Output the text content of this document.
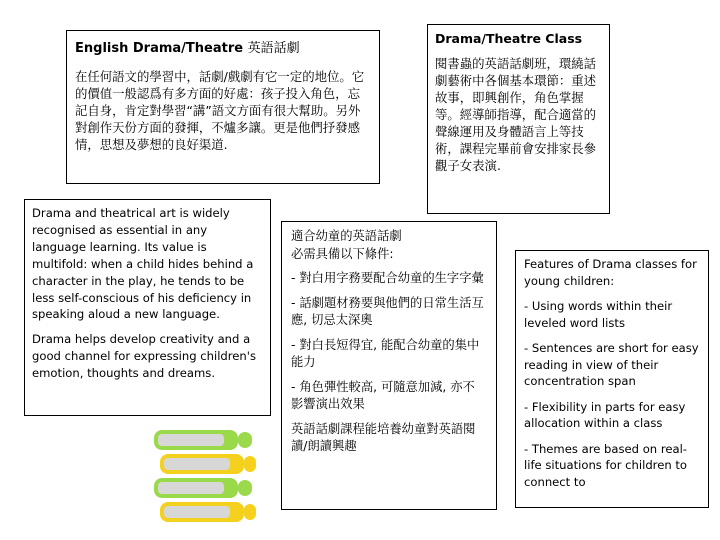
English Drama/Theatre 英語話劇

在任何語文的學習中，話劇/戲劇有它一定的地位。它的價值一般認爲有多方面的好處：孩子投入角色，忘記自身，肯定對學習“講”語文方面有很大幫助。另外對創作天份方面的發揮，不爐多讓。更是他們抒發感情，思想及夢想的良好渠道.

Drama/Theatre Class

閱書蟲的英語話劇班，環繞話劇藝術中各個基本環節：重述故事，即興創作，角色掌握等。經導師指導，配合適當的聲線運用及身體語言上等技術，課程完畢前會安排家長參觀子女表演.

Drama and theatrical art is widely recognised as essential in any language learning. Its value is multifold: when a child hides behind a character in the play, he tends to be less self-conscious of his deficiency in speaking aloud a new language.

Drama helps develop creativity and a good channel for expressing children's emotion, thoughts and dreams.

適合幼童的英語話劇
必需具備以下條件:

- 對白用字務要配合幼童的生字字彙

- 話劇題材務要與他們的日常生活互應, 切忌太深奧

- 對白長短得宜, 能配合幼童的集中能力

- 角色彈性較高, 可隨意加減, 亦不影響演出效果

英語話劇課程能培養幼童對英語閱讀/朗讀興趣

Features of Drama classes for young children:

- Using words within their leveled word lists

- Sentences are short for easy reading in view of their concentration span

- Flexibility in parts for easy allocation within a class

- Themes are based on real-life situations for children to connect to
